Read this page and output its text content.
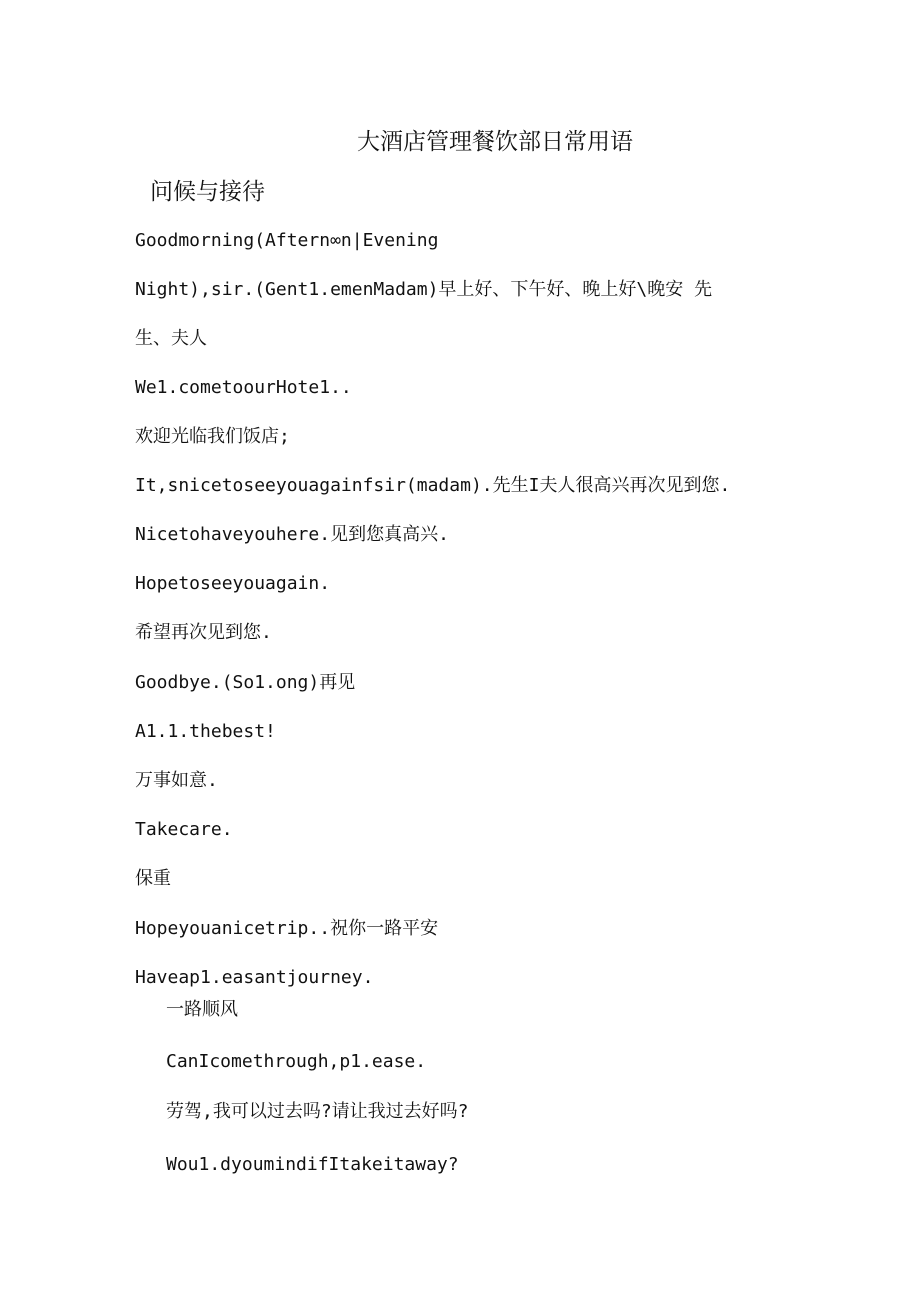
大酒店管理餐饮部日常用语
问候与接待
Goodmorning(Aftern∞n|Evening
Night),sir.(Gent1.emenMadam)早上好、下午好、晚上好\晚安 先
生、夫人
We1.cometoourHote1..
欢迎光临我们饭店;
It,snicetoseeyouagainfsir(madam).先生I夫人很高兴再次见到您.
Nicetohaveyouhere.见到您真高兴.
Hopetoseeyouagain.
希望再次见到您.
Goodbye.(So1.ong)再见
A1.1.thebest!
万事如意.
Takecare.
保重
Hopeyouanicetrip..祝你一路平安
Haveap1.easantjourney.
一路顺风
CanIcomethrough,p1.ease.
劳驾,我可以过去吗?请让我过去好吗?
Wou1.dyoumindifItakeitaway?
